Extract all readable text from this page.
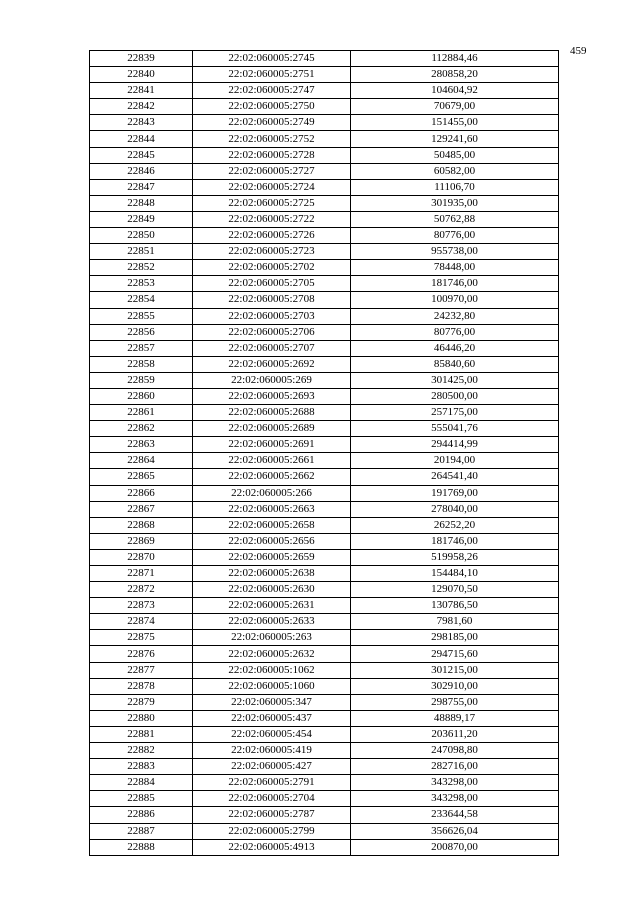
459
22839	22:02:060005:2745	112884,46
22840	22:02:060005:2751	280858,20
22841	22:02:060005:2747	104604,92
22842	22:02:060005:2750	70679,00
22843	22:02:060005:2749	151455,00
22844	22:02:060005:2752	129241,60
22845	22:02:060005:2728	50485,00
22846	22:02:060005:2727	60582,00
22847	22:02:060005:2724	11106,70
22848	22:02:060005:2725	301935,00
22849	22:02:060005:2722	50762,88
22850	22:02:060005:2726	80776,00
22851	22:02:060005:2723	955738,00
22852	22:02:060005:2702	78448,00
22853	22:02:060005:2705	181746,00
22854	22:02:060005:2708	100970,00
22855	22:02:060005:2703	24232,80
22856	22:02:060005:2706	80776,00
22857	22:02:060005:2707	46446,20
22858	22:02:060005:2692	85840,60
22859	22:02:060005:269	301425,00
22860	22:02:060005:2693	280500,00
22861	22:02:060005:2688	257175,00
22862	22:02:060005:2689	555041,76
22863	22:02:060005:2691	294414,99
22864	22:02:060005:2661	20194,00
22865	22:02:060005:2662	264541,40
22866	22:02:060005:266	191769,00
22867	22:02:060005:2663	278040,00
22868	22:02:060005:2658	26252,20
22869	22:02:060005:2656	181746,00
22870	22:02:060005:2659	519958,26
22871	22:02:060005:2638	154484,10
22872	22:02:060005:2630	129070,50
22873	22:02:060005:2631	130786,50
22874	22:02:060005:2633	7981,60
22875	22:02:060005:263	298185,00
22876	22:02:060005:2632	294715,60
22877	22:02:060005:1062	301215,00
22878	22:02:060005:1060	302910,00
22879	22:02:060005:347	298755,00
22880	22:02:060005:437	48889,17
22881	22:02:060005:454	203611,20
22882	22:02:060005:419	247098,80
22883	22:02:060005:427	282716,00
22884	22:02:060005:2791	343298,00
22885	22:02:060005:2704	343298,00
22886	22:02:060005:2787	233644,58
22887	22:02:060005:2799	356626,04
22888	22:02:060005:4913	200870,00
